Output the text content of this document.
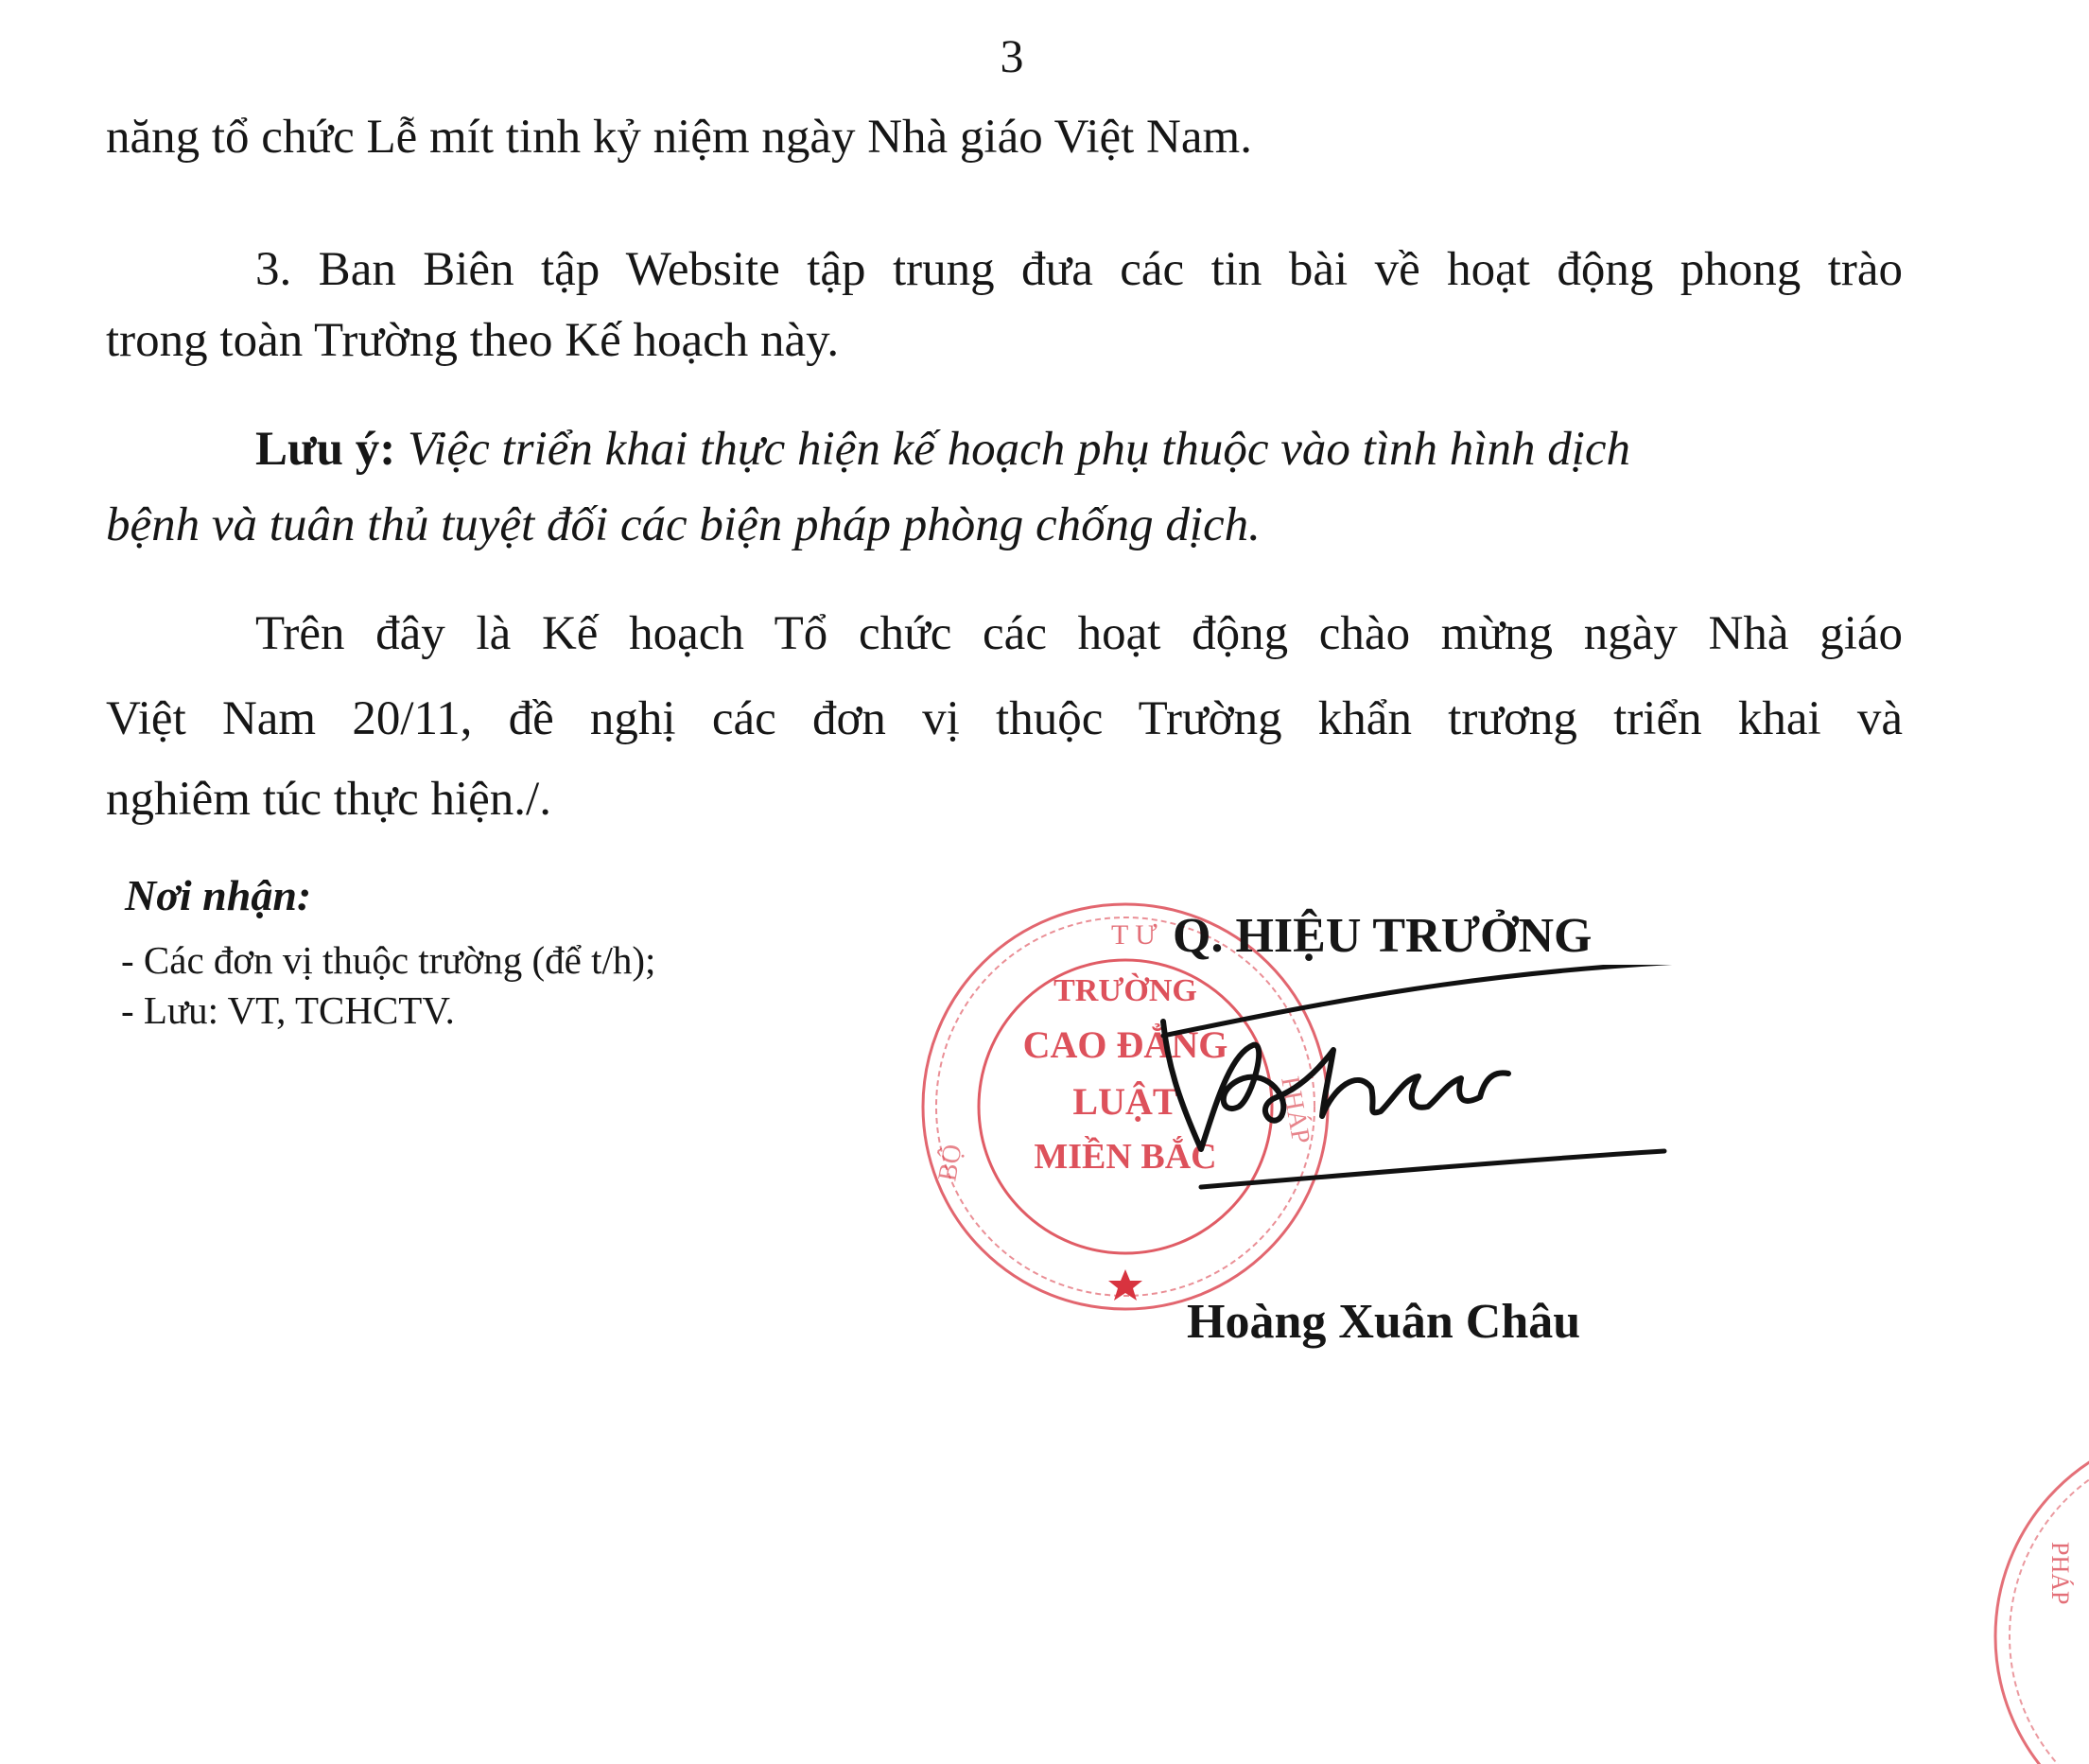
3
năng tổ chức Lễ mít tinh kỷ niệm ngày Nhà giáo Việt Nam.
3. Ban Biên tập Website tập trung đưa các tin bài về hoạt động phong trào
trong toàn Trường theo Kế hoạch này.
Lưu ý: Việc triển khai thực hiện kế hoạch phụ thuộc vào tình hình dịch
bệnh và tuân thủ tuyệt đối các biện pháp phòng chống dịch.
Trên đây là Kế hoạch Tổ chức các hoạt động chào mừng ngày Nhà giáo
Việt Nam 20/11, đề nghị các đơn vị thuộc Trường khẩn trương triển khai và
nghiêm túc thực hiện./.
Nơi nhận:
- Các đơn vị thuộc trường (để t/h);
- Lưu: VT, TCHCTV.	TRƯỜNG
CAO ĐẲNG
LUẬT
MIỀN BẮC
T Ư
PHÁP
BỘ
PHÁP
Q. HIỆU TRƯỞNG
Hoàng Xuân Châu
